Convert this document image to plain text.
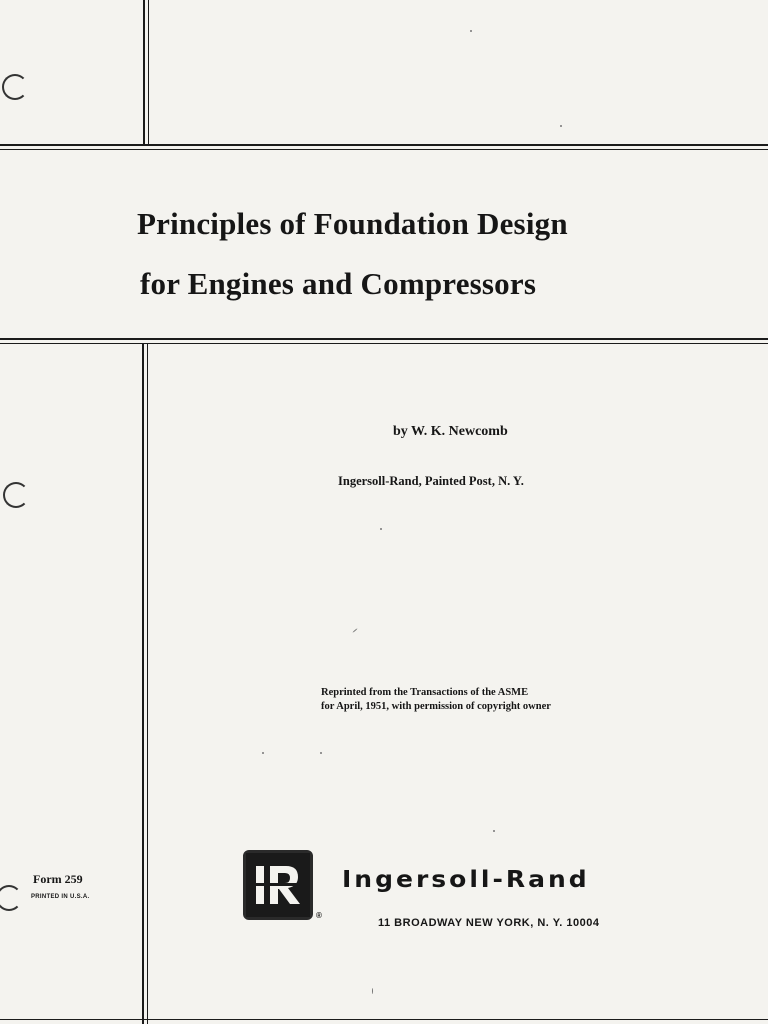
Principles of Foundation Design
for Engines and Compressors
by W. K. Newcomb
Ingersoll-Rand, Painted Post, N. Y.
Reprinted from the Transactions of the ASME
for April, 1951, with permission of copyright owner
Form 259
PRINTED IN U.S.A.
®
Ingersoll-Rand
11 BROADWAY NEW YORK, N. Y. 10004
